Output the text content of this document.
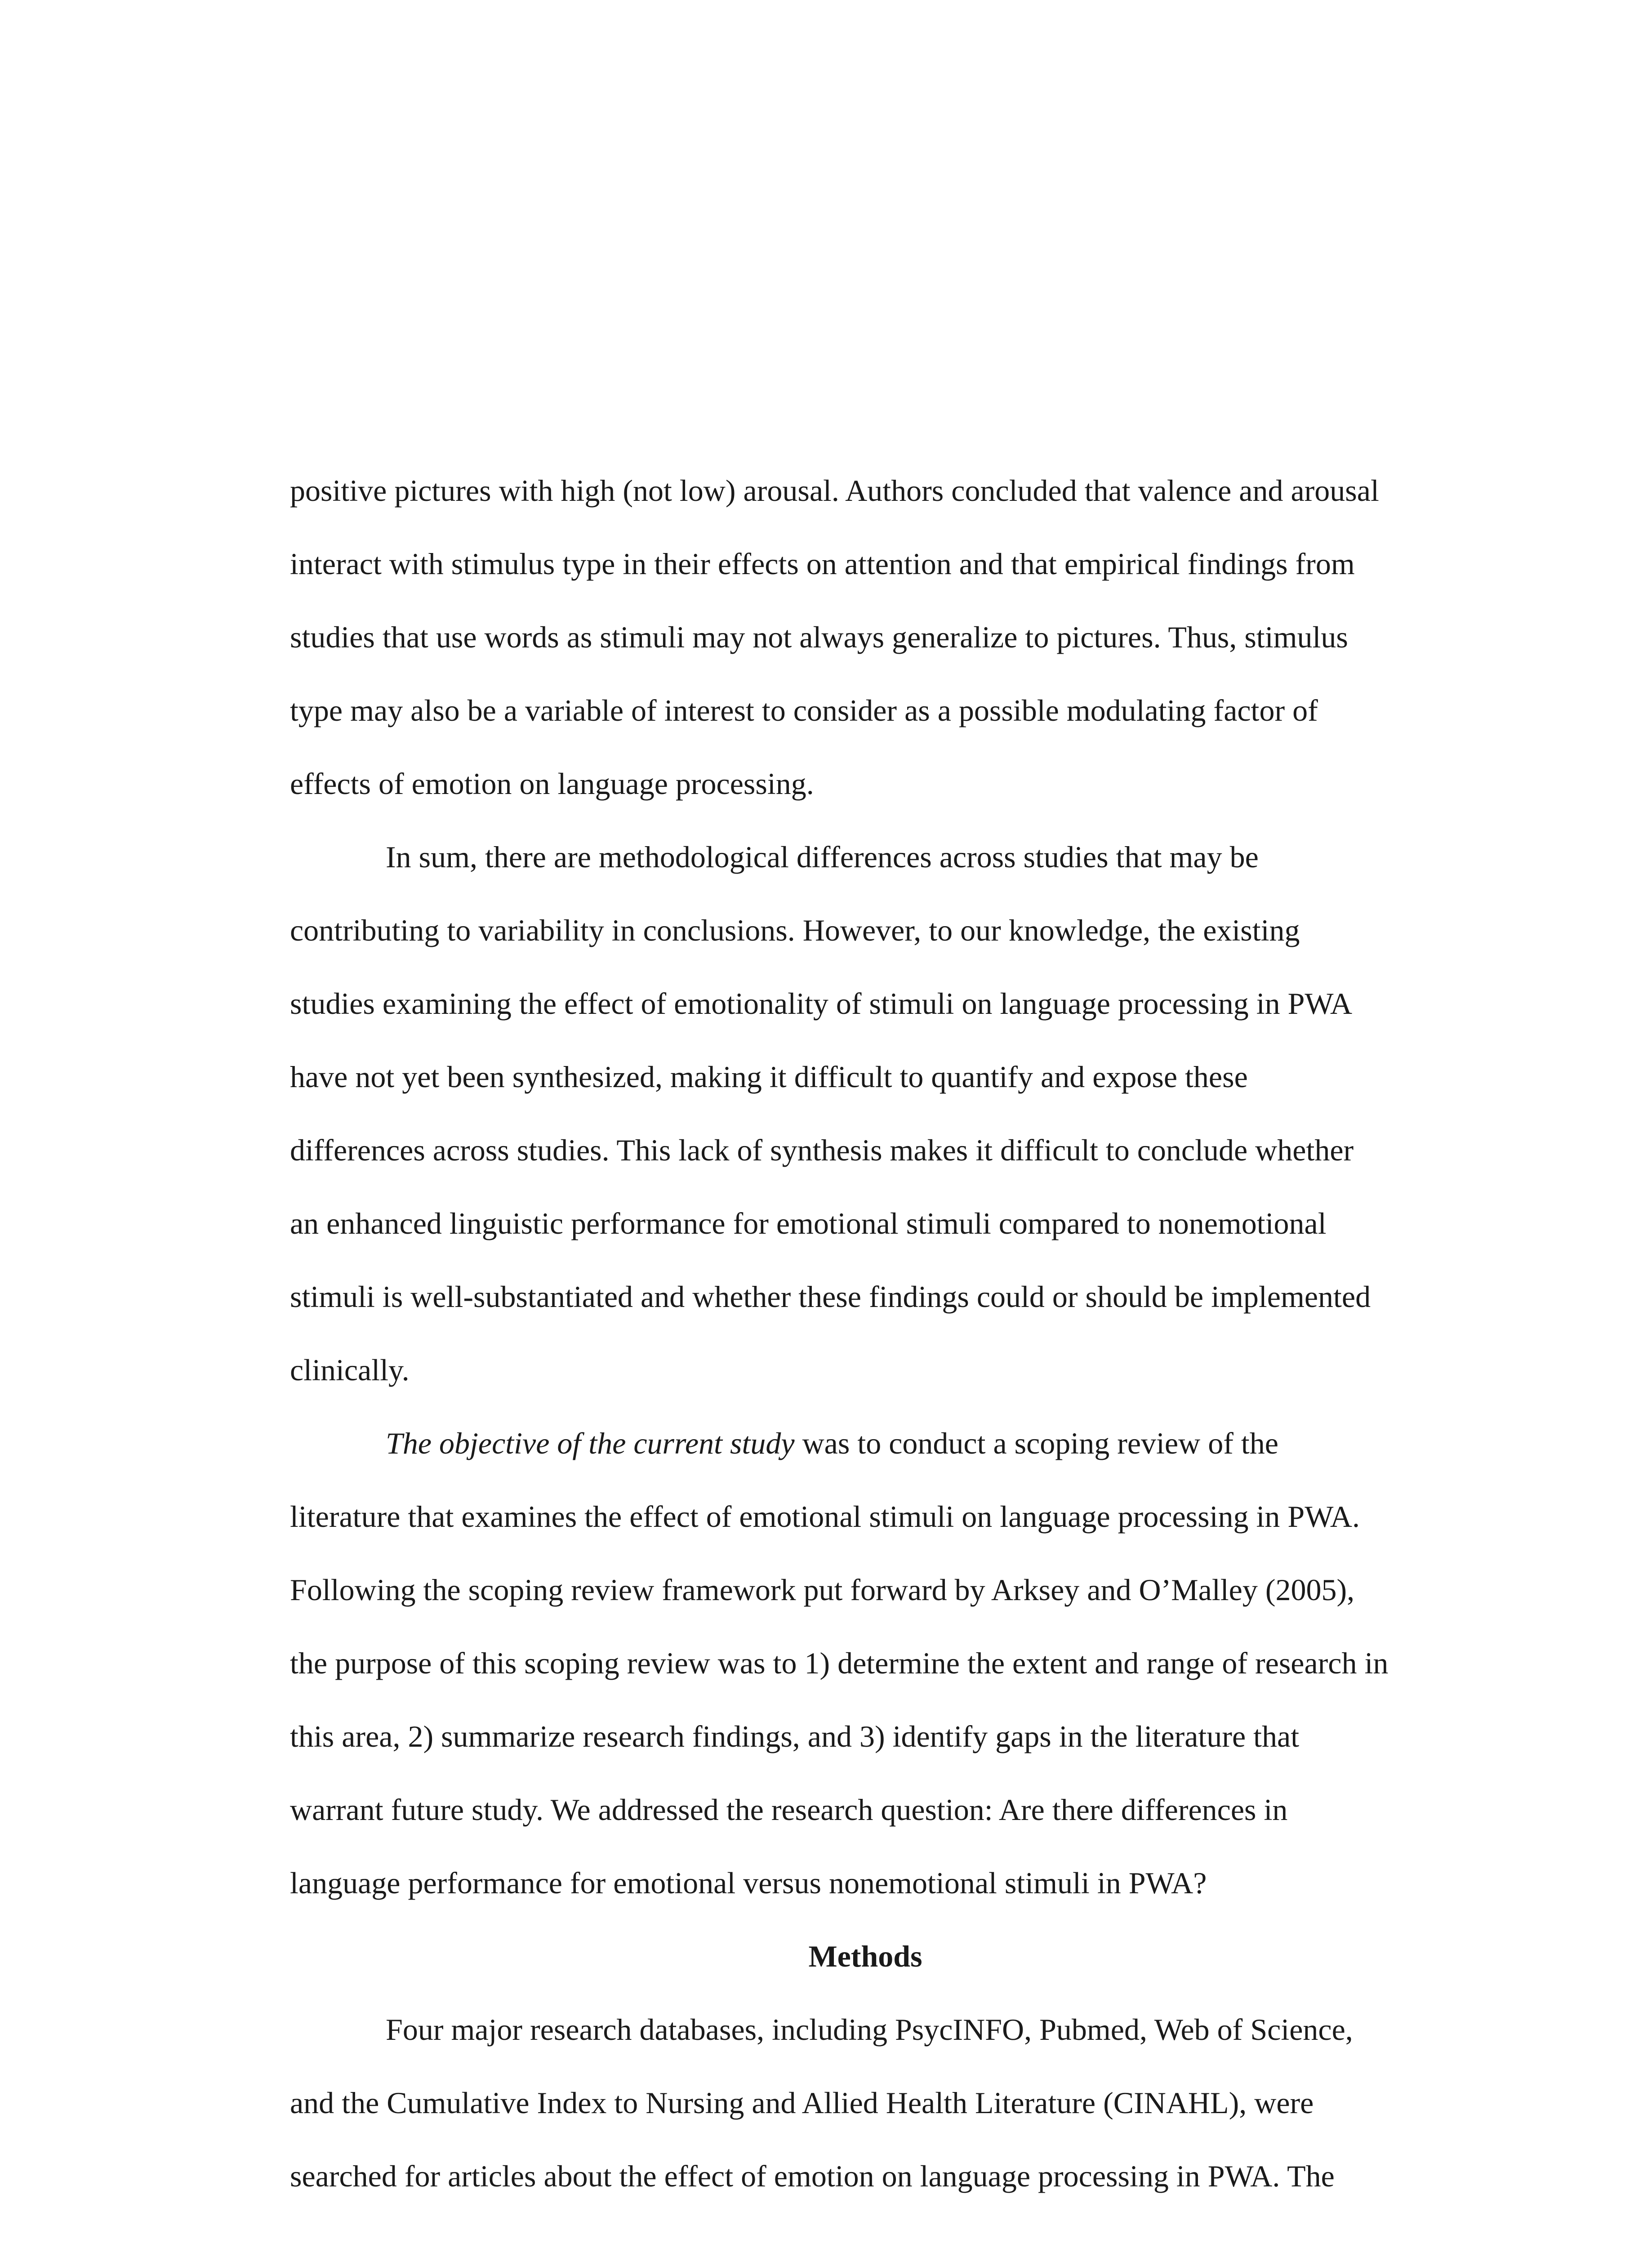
positive pictures with high (not low) arousal. Authors concluded that valence and arousal
interact with stimulus type in their effects on attention and that empirical findings from
studies that use words as stimuli may not always generalize to pictures. Thus, stimulus
type may also be a variable of interest to consider as a possible modulating factor of
effects of emotion on language processing.

In sum, there are methodological differences across studies that may be
contributing to variability in conclusions. However, to our knowledge, the existing
studies examining the effect of emotionality of stimuli on language processing in PWA
have not yet been synthesized, making it difficult to quantify and expose these
differences across studies. This lack of synthesis makes it difficult to conclude whether
an enhanced linguistic performance for emotional stimuli compared to nonemotional
stimuli is well-substantiated and whether these findings could or should be implemented
clinically.

The objective of the current study was to conduct a scoping review of the
literature that examines the effect of emotional stimuli on language processing in PWA.
Following the scoping review framework put forward by Arksey and O’Malley (2005),
the purpose of this scoping review was to 1) determine the extent and range of research in
this area, 2) summarize research findings, and 3) identify gaps in the literature that
warrant future study. We addressed the research question: Are there differences in
language performance for emotional versus nonemotional stimuli in PWA?

Methods

Four major research databases, including PsycINFO, Pubmed, Web of Science,
and the Cumulative Index to Nursing and Allied Health Literature (CINAHL), were
searched for articles about the effect of emotion on language processing in PWA. The
